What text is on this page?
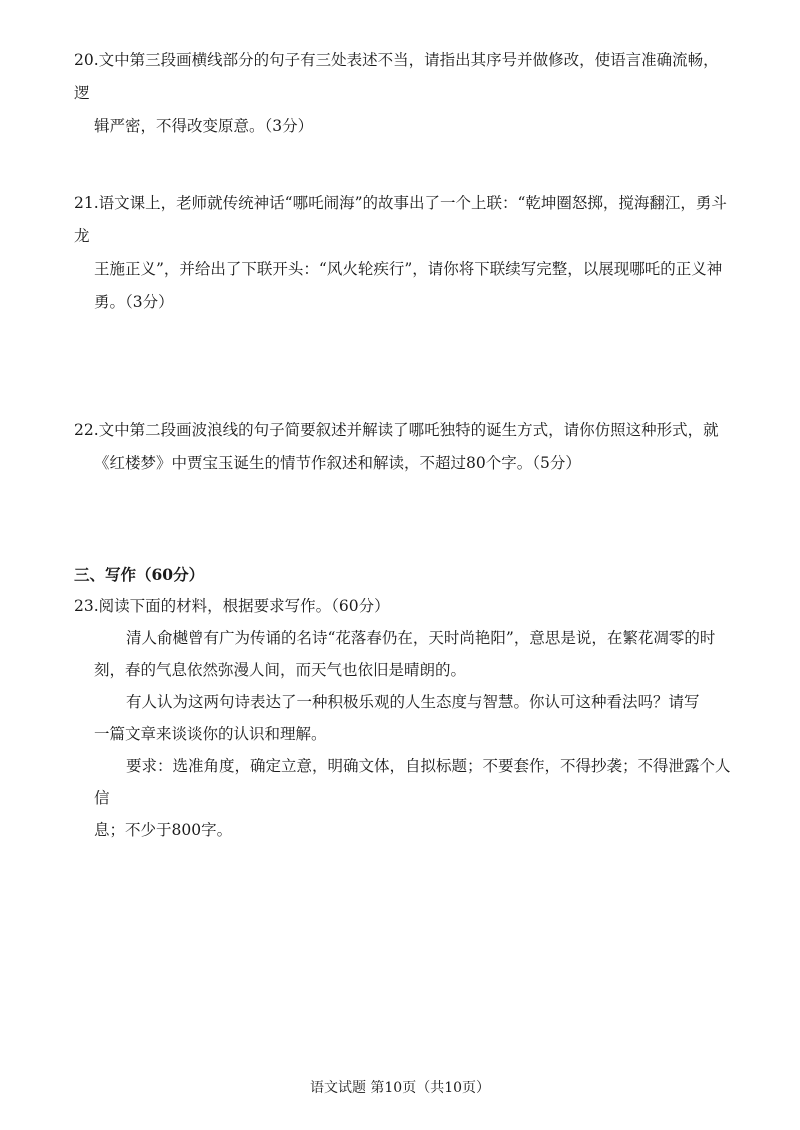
20.文中第三段画横线部分的句子有三处表述不当，请指出其序号并做修改，使语言准确流畅，逻

辑严密，不得改变原意。（3分）

21.语文课上，老师就传统神话“哪吒闹海”的故事出了一个上联：“乾坤圈怒掷，搅海翻江，勇斗龙

王施正义”，并给出了下联开头：“风火轮疾行”，请你将下联续写完整，以展现哪吒的正义神

勇。（3分）

22.文中第二段画波浪线的句子简要叙述并解读了哪吒独特的诞生方式，请你仿照这种形式，就

《红楼梦》中贾宝玉诞生的情节作叙述和解读，不超过80个字。（5分）

三、写作（60分）

23.阅读下面的材料，根据要求写作。（60分）

清人俞樾曾有广为传诵的名诗“花落春仍在，天时尚艳阳”，意思是说，在繁花凋零的时

刻，春的气息依然弥漫人间，而天气也依旧是晴朗的。

有人认为这两句诗表达了一种积极乐观的人生态度与智慧。你认可这种看法吗？请写

一篇文章来谈谈你的认识和理解。

要求：选准角度，确定立意，明确文体，自拟标题；不要套作，不得抄袭；不得泄露个人信

息；不少于800字。

语文试题 第10页（共10页）
